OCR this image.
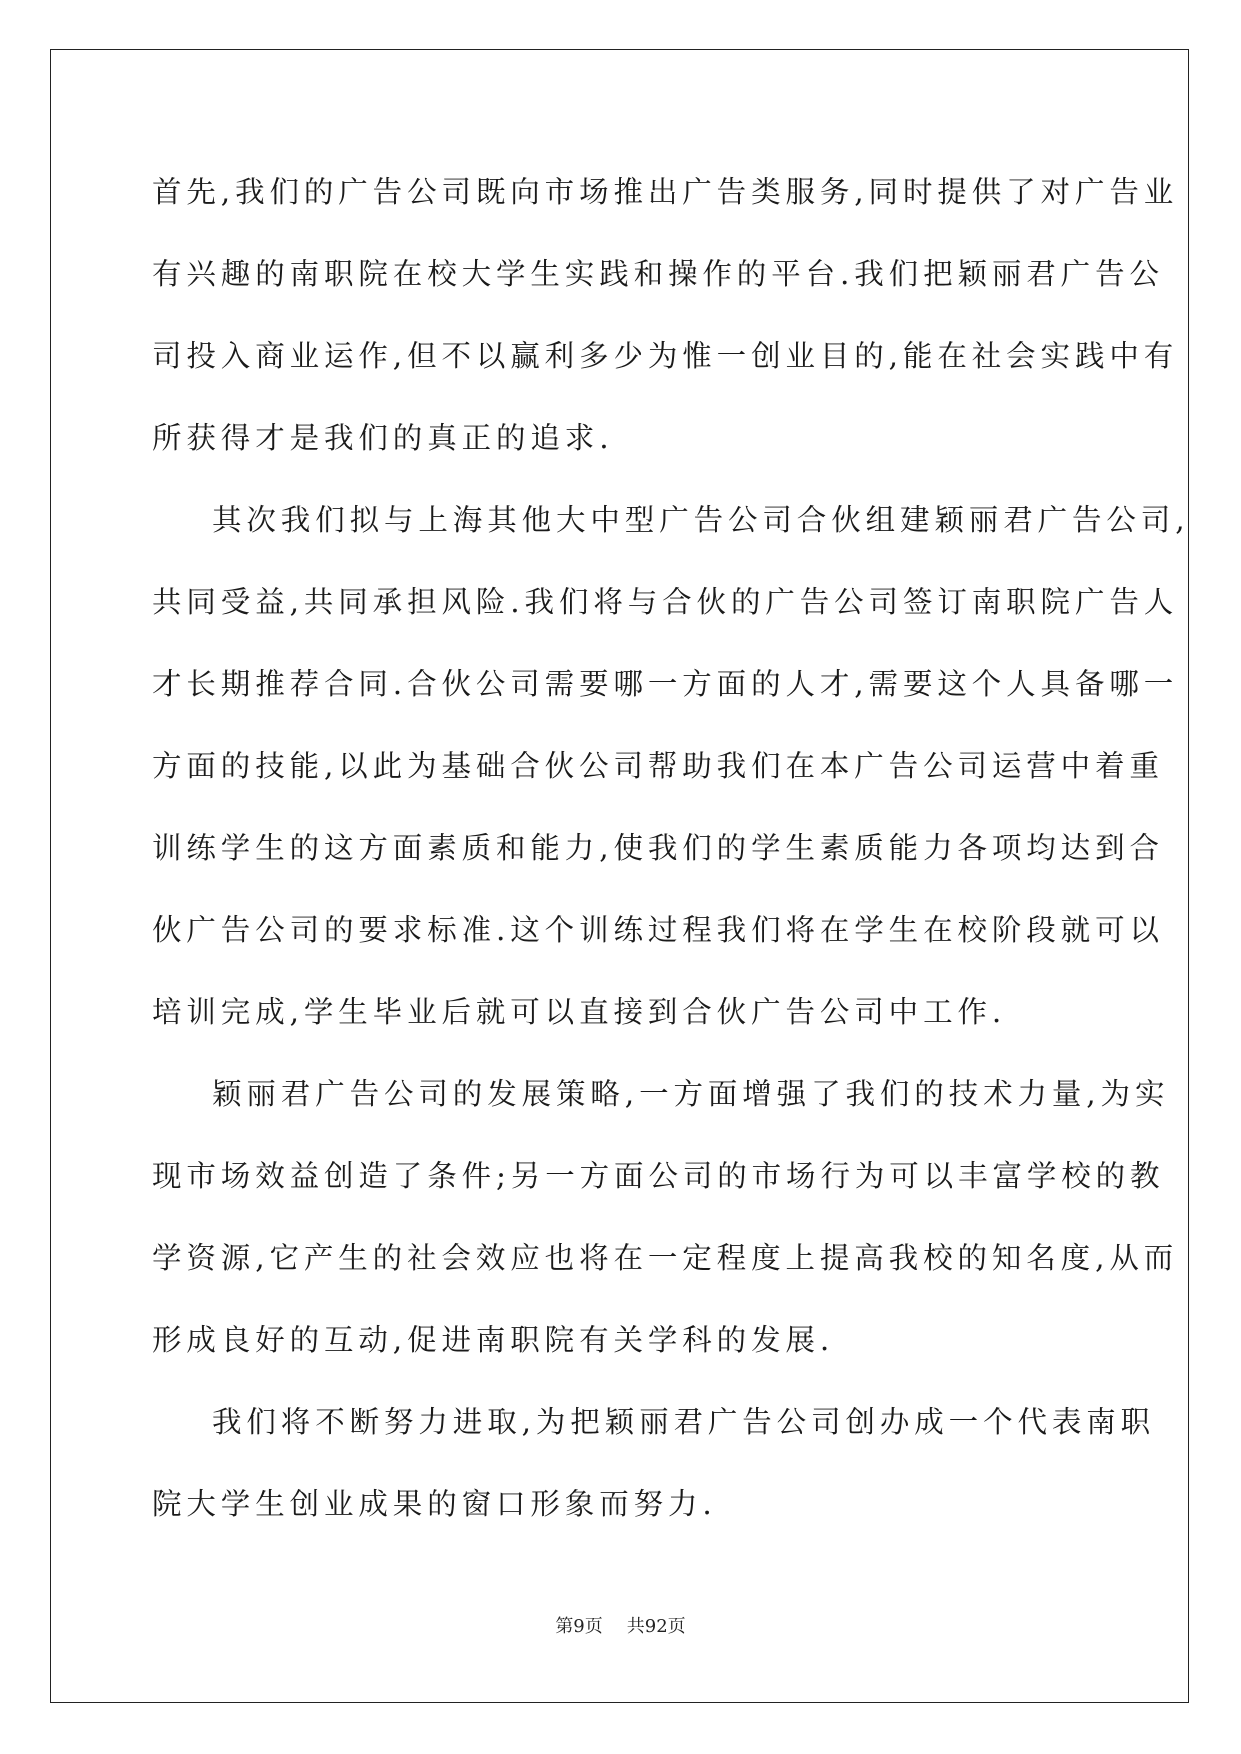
首先,我们的广告公司既向市场推出广告类服务,同时提供了对广告业
有兴趣的南职院在校大学生实践和操作的平台.我们把颖丽君广告公
司投入商业运作,但不以赢利多少为惟一创业目的,能在社会实践中有
所获得才是我们的真正的追求.
其次我们拟与上海其他大中型广告公司合伙组建颖丽君广告公司,
共同受益,共同承担风险.我们将与合伙的广告公司签订南职院广告人
才长期推荐合同.合伙公司需要哪一方面的人才,需要这个人具备哪一
方面的技能,以此为基础合伙公司帮助我们在本广告公司运营中着重
训练学生的这方面素质和能力,使我们的学生素质能力各项均达到合
伙广告公司的要求标准.这个训练过程我们将在学生在校阶段就可以
培训完成,学生毕业后就可以直接到合伙广告公司中工作.
颖丽君广告公司的发展策略,一方面增强了我们的技术力量,为实
现市场效益创造了条件;另一方面公司的市场行为可以丰富学校的教
学资源,它产生的社会效应也将在一定程度上提高我校的知名度,从而
形成良好的互动,促进南职院有关学科的发展.
我们将不断努力进取,为把颖丽君广告公司创办成一个代表南职
院大学生创业成果的窗口形象而努力.
第9页 共92页
